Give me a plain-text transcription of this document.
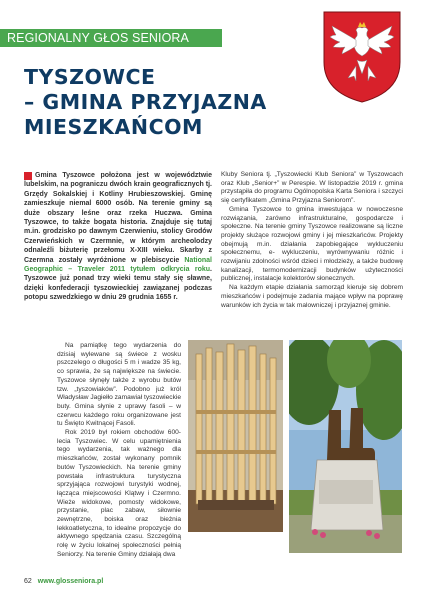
REGIONALNY GŁOS SENIORA
TYSZOWCE
– GMINA PRZYJAZNA
MIESZKAŃCOM
Gmina Tyszowce położona jest w województwie lubelskim, na pograniczu dwóch krain geograficznych tj. Grzędy Sokalskiej i Kotliny Hrubieszowskiej. Gminę zamieszkuje niemal 6000 osób. Na terenie gminy są duże obszary leśne oraz rzeka Huczwa. Gmina Tyszowce, to także bogata historia. Znajduje się tutaj m.in. grodzisko po dawnym Czerwieniu, stolicy Grodów Czerwieńskich w Czermnie, w którym archeolodzy odnaleźli biżuterię przełomu X-XIII wieku. Skarby z Czermna zostały wyróżnione w plebiscycie National Geographic – Traveler 2011 tytułem odkrycia roku. Tyszowce już ponad trzy wieki temu stały się sławne, dzięki konfederacji tyszowieckiej zawiązanej podczas potopu szwedzkiego w dniu 29 grudnia 1655 r.

Kluby Seniora tj. „Tyszowiecki Klub Seniora” w Tyszowcach oraz Klub „Senior+” w Perespie. W listopadzie 2019 r. gmina przystąpiła do programu Ogólnopolska Karta Seniora i szczyci się certyfikatem „Gmina Przyjazna Seniorom”.

Gmina Tyszowce to gmina inwestująca w nowoczesne rozwiązania, zarówno infrastrukturalne, gospodarcze i społeczne. Na terenie gminy Tyszowce realizowane są liczne projekty służące rozwojowi gminy i jej mieszkańców. Projekty obejmują m.in. działania zapobiegające wykluczeniu społecznemu, e- wykluczeniu, wyrównywaniu różnic i rozwijaniu zdolności wśród dzieci i młodzieży, a także budowę kanalizacji, termomodernizacji budynków użyteczności publicznej, instalacje kolektorów słonecznych.

Na każdym etapie działania samorząd kieruje się dobrem mieszkańców i podejmuje zadania mające wpływ na poprawę warunków ich życia w tak malowniczej i przyjaznej gminie.

Na pamiątkę tego wydarzenia do dzisiaj wylewane są świece z wosku pszczelego o długości 5 m i wadze 35 kg, co sprawia, że są największe na świecie. Tyszowce słynęły także z wyrobu butów tzw. „tyszowiaków”. Podobno już król Władysław Jagiełło zamawiał tyszowieckie buty. Gmina słynie z uprawy fasoli – w czerwcu każdego roku organizowane jest tu Święto Kwitnącej Fasoli.

Rok 2019 był rokiem obchodów 600-lecia Tyszowiec. W celu upamiętnienia tego wydarzenia, tak ważnego dla mieszkańców, został wykonany pomnik butów Tyszowieckich. Na terenie gminy powstała infrastruktura turystyczna sprzyjająca rozwojowi turystyki wodnej, łącząca miejscowości Klątwy i Czermno. Wieże widokowe, pomosty widokowe, przystanie, plac zabaw, siłownie zewnętrzne, boiska oraz bieżnia lekkoatletyczna, to idealne propozycje do aktywnego spędzania czasu. Szczególną rolę w życiu lokalnej społeczności pełnią Seniorzy. Na terenie Gminy działają dwa

62 www.glosseniora.pl
